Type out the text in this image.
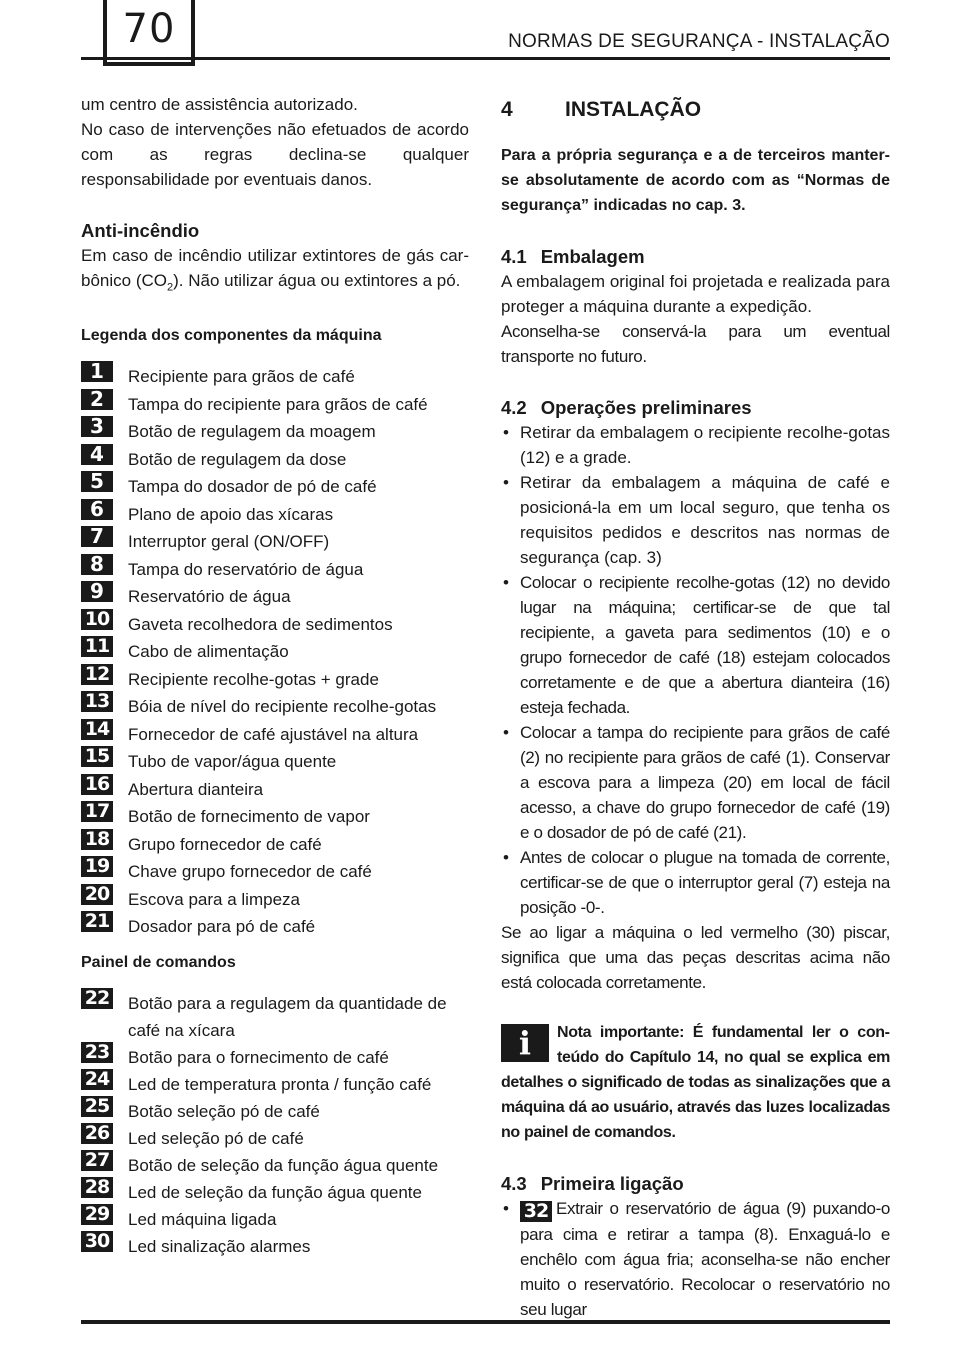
70	NORMAS DE SEGURANÇA - INSTALAÇÃO

um centro de assistência autorizado.

No caso de intervenções não efetuados de acordo com as regras declina-se qualquer responsabilidade por eventuais danos.

Anti-incêndio

Em caso de incêndio utilizar extintores de gás carbônico $(CO_2)$. Não utilizar água ou extintores a pó.

Legenda dos componentes da máquina

1	Recipiente para grãos de café
2	Tampa do recipiente para grãos de café
3	Botão de regulagem da moagem
4	Botão de regulagem da dose
5	Tampa do dosador de pó de café
6	Plano de apoio das xícaras
7	Interruptor geral (ON/OFF)
8	Tampa do reservatório de água
9	Reservatório de água
10 Gaveta recolhedora de sedimentos
11 Cabo de alimentação
12 Recipiente recolhe-gotas + grade
13 Bóia de nível do recipiente recolhe-gotas
14 Fornecedor de café ajustável na altura
15 Tubo de vapor/água quente
16 Abertura dianteira
17 Botão de fornecimento de vapor
18 Grupo fornecedor de café
19 Chave grupo fornecedor de café
20 Escova para a limpeza
21 Dosador para pó de café

Painel de comandos

22 Botão para a regulagem da quantidade de café na xícara
23 Botão para o fornecimento de café
24 Led de temperatura pronta / função café
25 Botão seleção pó de café
26 Led seleção pó de café
27 Botão de seleção da função água quente
28 Led de seleção da função água quente
29 Led máquina ligada
30 Led sinalização alarmes
4	INSTALAÇÃO

Para a própria segurança e a de terceiros manterse absolutamente de acordo com as “Normas de segurança” indicadas no cap. 3.

4.1 Embalagem

A embalagem original foi projetada e realizada para proteger a máquina durante a expedição.

Aconselha-se conservá-la para um eventual transporte no futuro.

4.2 Operações preliminares

• Retirar da embalagem o recipiente recolhe-gotas (12) e a grade.
• Retirar da embalagem a máquina de café e posicioná-la em um local seguro, que tenha os requisitos pedidos e descritos nas normas de segurança (cap. 3)
• Colocar o recipiente recolhe-gotas (12) no devido lugar na máquina; certificar-se de que tal recipiente, a gaveta para sedimentos (10) e o grupo fornecedor de café (18) estejam colocados corretamente e de que a abertura dianteira (16) esteja fechada.
• Colocar a tampa do recipiente para grãos de café (2) no recipiente para grãos de café (1). Conservar a escova para a limpeza (20) em local de fácil acesso, a chave do grupo fornecedor de café (19) e o dosador de pó de café (21).
• Antes de colocar o plugue na tomada de corrente, certificar-se de que o interruptor geral (7) esteja na posição -0-.

Se ao ligar a máquina o led vermelho (30) piscar, significa que uma das peças descritas acima não está colocada corretamente.

i	Nota importante: É fundamental ler o conteúdo do Capítulo 14, no qual se explica em detalhes o significado de todas as sinalizações que a máquina dá ao usuário, através das luzes localizadas no painel de comandos.

4.3 Primeira ligação

• 32 Extrair o reservatório de água (9) puxando-o para cima e retirar a tampa (8). Enxaguá-lo e enchêlo com água fria; aconselha-se não encher muito o reservatório. Recolocar o reservatório no seu lugar
